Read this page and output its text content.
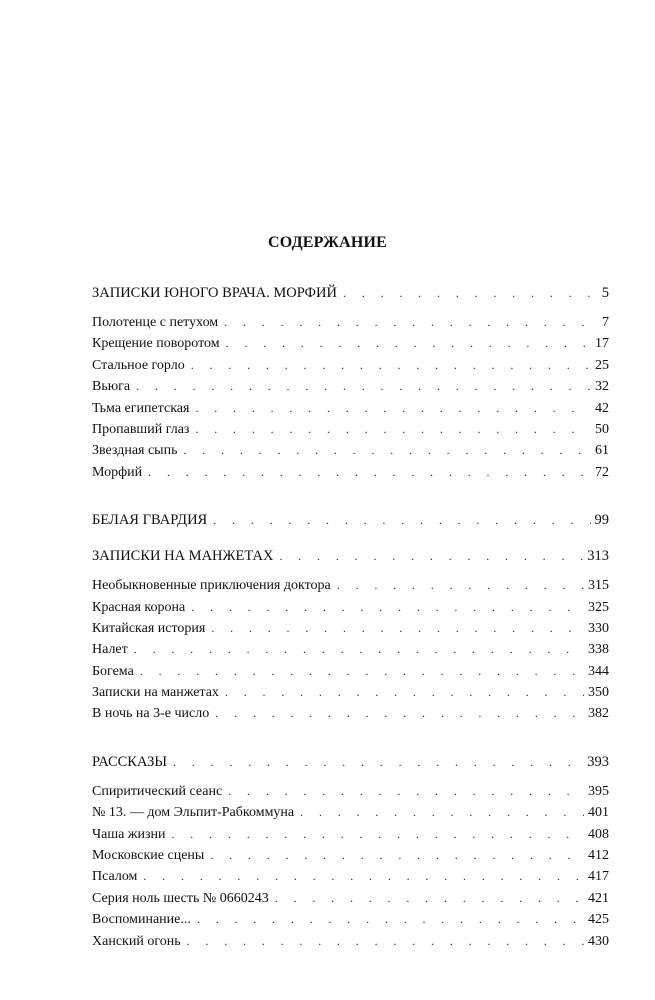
СОДЕРЖАНИЕ
ЗАПИСКИ ЮНОГО ВРАЧА. МОРФИЙ . . .	5
Полотенце с петухом . . .	7
Крещение поворотом . . .	17
Стальное горло . . .	25
Вьюга . . .	32
Тьма египетская . . .	42
Пропавший глаз . . .	50
Звездная сыпь . . .	61
Морфий . . .	72
БЕЛАЯ ГВАРДИЯ . . .	99
ЗАПИСКИ НА МАНЖЕТАХ . . .	313
Необыкновенные приключения доктора . . .	315
Красная корона . . .	325
Китайская история . . .	330
Налет . . .	338
Богема . . .	344
Записки на манжетах . . .	350
В ночь на 3-е число . . .	382
РАССКАЗЫ . . .	393
Спиритический сеанс . . .	395
№ 13. — дом Эльпит-Рабкоммуна . . .	401
Чаша жизни . . .	408
Московские сцены . . .	412
Псалом . . .	417
Серия ноль шесть № 0660243 . . .	421
Воспоминание... . . .	425
Ханский огонь . . .	430
